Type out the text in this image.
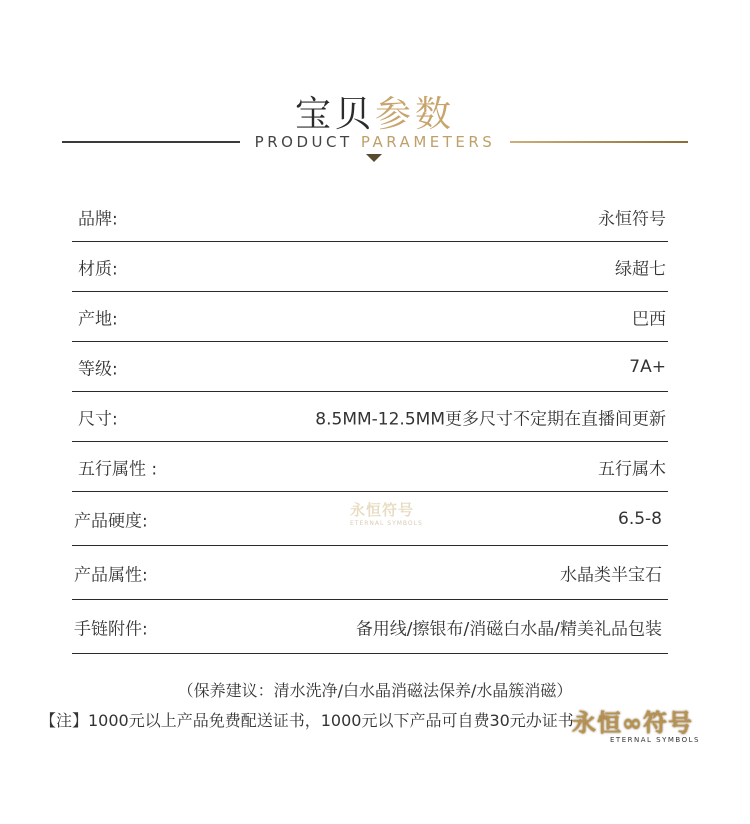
宝贝参数
PRODUCT PARAMETERS
品牌:	永恒符号
材质:	绿超七
产地:	巴西
等级:	7A+
尺寸:	8.5MM-12.5MM更多尺寸不定期在直播间更新
五行属性 :	五行属木
产品硬度:	6.5-8
产品属性:	水晶类半宝石
手链附件:	备用线/擦银布/消磁白水晶/精美礼品包装
永恒符号
ETERNAL SYMBOLS
（保养建议：清水洗净/白水晶消磁法保养/水晶簇消磁）
【注】1000元以上产品免费配送证书，1000元以下产品可自费30元办证书
永恒∞符号
ETERNAL SYMBOLS
